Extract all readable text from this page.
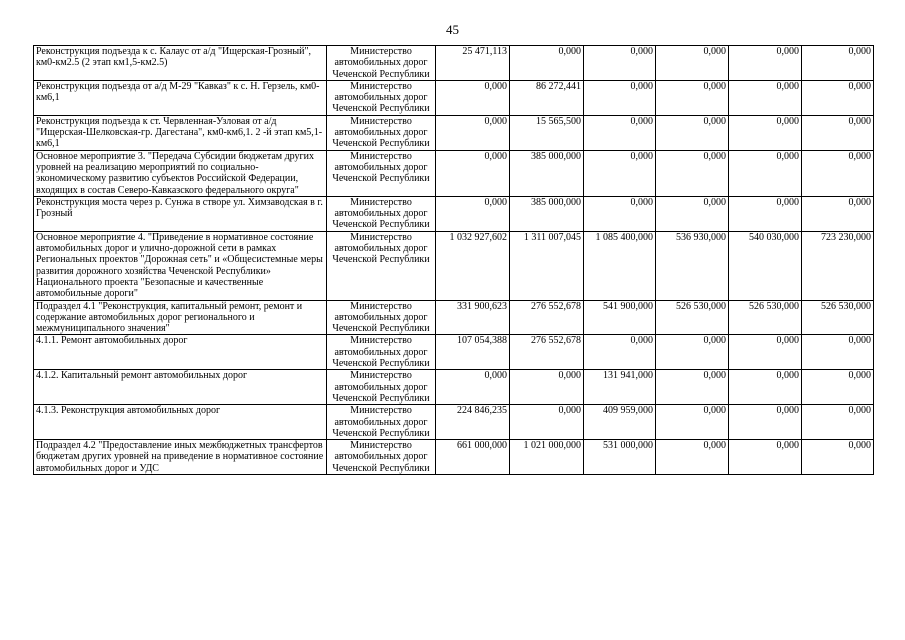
45
Реконструкция подъезда к с. Калаус от а/д "Ищерская-Грозный", км0-км2.5 (2 этап км1,5-км2.5)	Министерство автомобильных дорог Чеченской Республики	25 471,113	0,000	0,000	0,000	0,000	0,000
Реконструкция подъезда от а/д М-29 "Кавказ" к с. Н. Герзель, км0-км6,1	Министерство автомобильных дорог Чеченской Республики	0,000	86 272,441	0,000	0,000	0,000	0,000
Реконструкция подъезда к ст. Червленная-Узловая от а/д "Ищерская-Шелковская-гр. Дагестана", км0-км6,1. 2 -й этап км5,1-км6,1	Министерство автомобильных дорог Чеченской Республики	0,000	15 565,500	0,000	0,000	0,000	0,000
Основное мероприятие 3. "Передача Субсидии бюджетам других уровней на реализацию мероприятий по социально-экономическому развитию субъектов Российской Федерации, входящих в состав Северо-Кавказского федерального округа"	Министерство автомобильных дорог Чеченской Республики	0,000	385 000,000	0,000	0,000	0,000	0,000
Реконструкция моста через р. Сунжа в створе ул. Химзаводская в г. Грозный	Министерство автомобильных дорог Чеченской Республики	0,000	385 000,000	0,000	0,000	0,000	0,000
Основное мероприятие 4. "Приведение в нормативное состояние автомобильных дорог и улично-дорожной сети в рамках Региональных проектов "Дорожная сеть" и «Общесистемные меры развития дорожного хозяйства Чеченской Республики» Национального проекта "Безопасные и качественные автомобильные дороги"	Министерство автомобильных дорог Чеченской Республики	1 032 927,602	1 311 007,045	1 085 400,000	536 930,000	540 030,000	723 230,000
Подраздел 4.1 "Реконструкция, капитальный ремонт, ремонт и содержание автомобильных дорог регионального и межмуниципального значения"	Министерство автомобильных дорог Чеченской Республики	331 900,623	276 552,678	541 900,000	526 530,000	526 530,000	526 530,000
4.1.1. Ремонт автомобильных дорог	Министерство автомобильных дорог Чеченской Республики	107 054,388	276 552,678	0,000	0,000	0,000	0,000
4.1.2. Капитальный ремонт автомобильных дорог	Министерство автомобильных дорог Чеченской Республики	0,000	0,000	131 941,000	0,000	0,000	0,000
4.1.3. Реконструкция автомобильных дорог	Министерство автомобильных дорог Чеченской Республики	224 846,235	0,000	409 959,000	0,000	0,000	0,000
Подраздел 4.2 "Предоставление иных межбюджетных трансфертов бюджетам других уровней на приведение в нормативное состояние автомобильных дорог и УДС	Министерство автомобильных дорог Чеченской Республики	661 000,000	1 021 000,000	531 000,000	0,000	0,000	0,000
